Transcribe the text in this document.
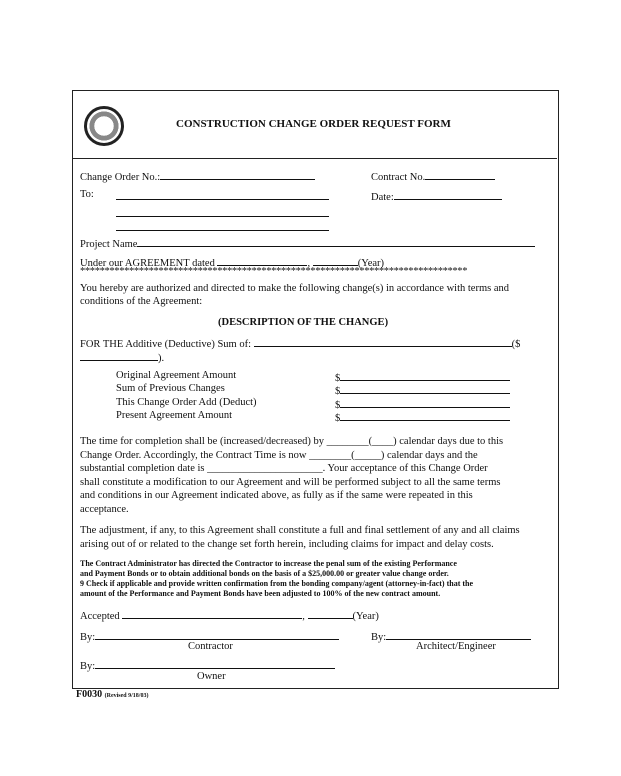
CONSTRUCTION CHANGE ORDER REQUEST FORM
Change Order No.:	Contract No.
To:	Date:
Project Name
Under our AGREEMENT dated	,	(Year)
*******************************************************************************
You hereby are authorized and directed to make the following change(s) in accordance with terms and
conditions of the Agreement:
(DESCRIPTION OF THE CHANGE)
FOR THE Additive (Deductive) Sum of:	($
).
Original Agreement Amount	$
Sum of Previous Changes	$
This Change Order Add (Deduct)	$
Present Agreement Amount	$
The time for completion shall be (increased/decreased) by ________(____) calendar days due to this
Change Order. Accordingly, the Contract Time is now ________(_____) calendar days and the
substantial completion date is ______________________. Your acceptance of this Change Order
shall constitute a modification to our Agreement and will be performed subject to all the same terms
and conditions in our Agreement indicated above, as fully as if the same were repeated in this
acceptance.
The adjustment, if any, to this Agreement shall constitute a full and final settlement of any and all claims
arising out of or related to the change set forth herein, including claims for impact and delay costs.
The Contract Administrator has directed the Contractor to increase the penal sum of the existing Performance
and Payment Bonds or to obtain additional bonds on the basis of a $25,000.00 or greater value change order.
9 Check if applicable and provide written confirmation from the bonding company/agent (attorney-in-fact) that the
amount of the Performance and Payment Bonds have been adjusted to 100% of the new contract amount.
Accepted	,	(Year)
By:
Contractor
By:
Architect/Engineer
By:
Owner
F0030 (Revised 9/18/03)
